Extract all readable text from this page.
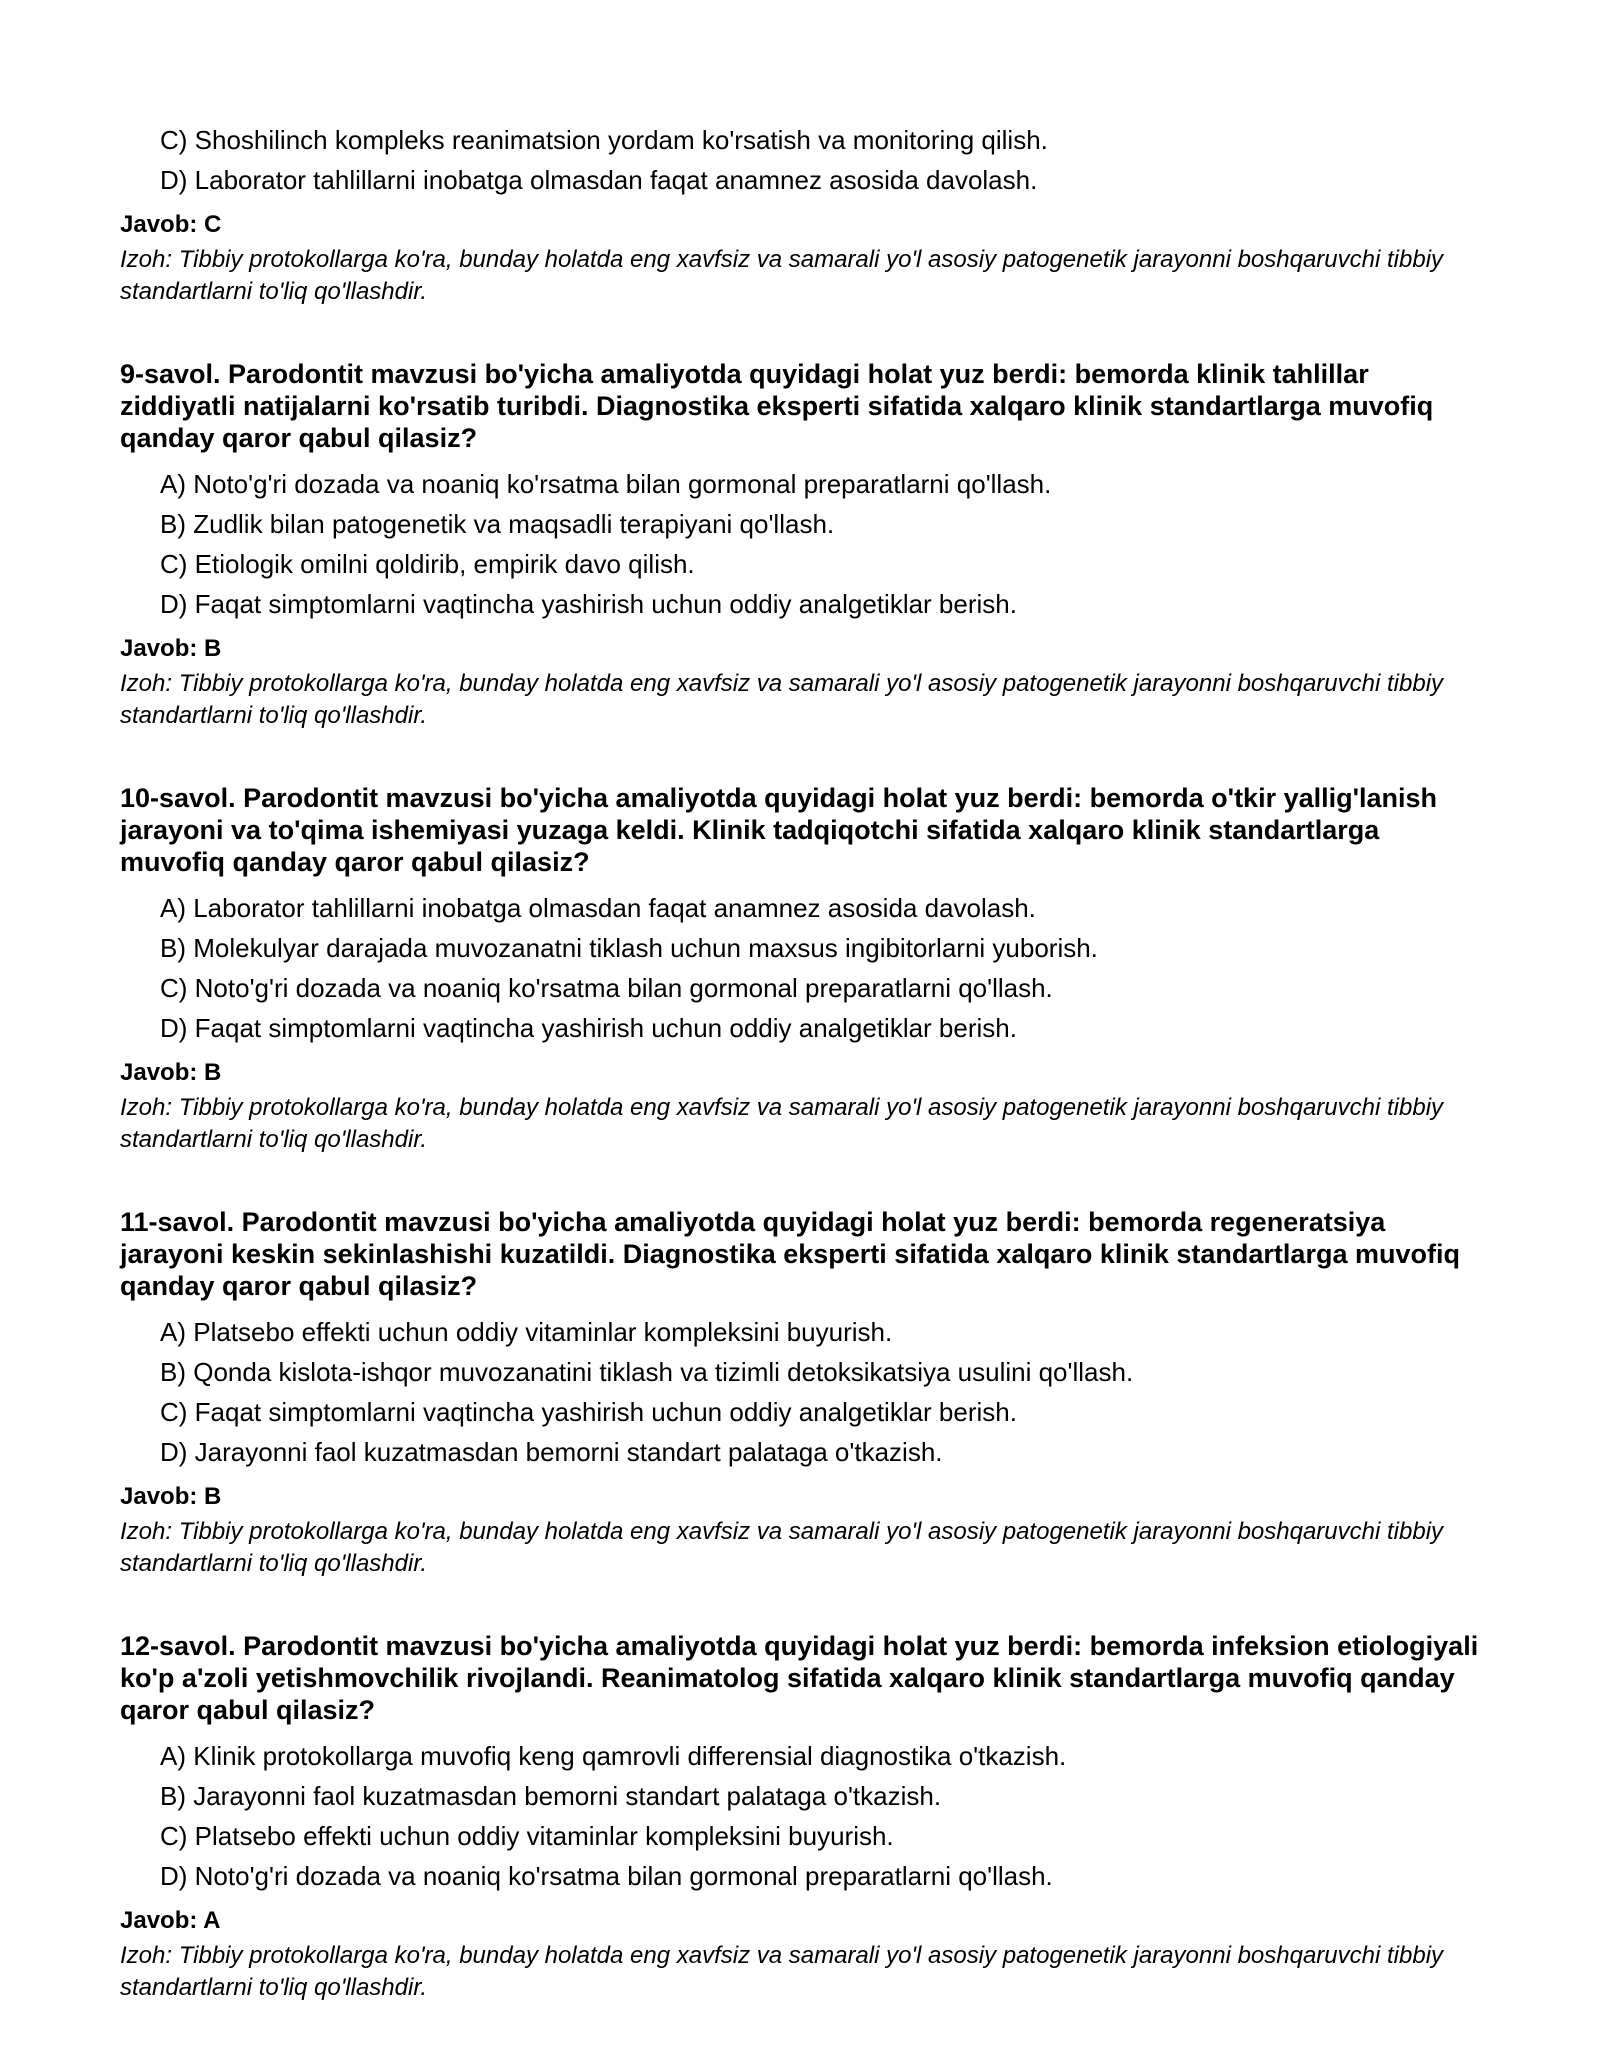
C) Shoshilinch kompleks reanimatsion yordam ko'rsatish va monitoring qilish.
D) Laborator tahlillarni inobatga olmasdan faqat anamnez asosida davolash.
Javob: C
Izoh: Tibbiy protokollarga ko'ra, bunday holatda eng xavfsiz va samarali yo'l asosiy patogenetik jarayonni boshqaruvchi tibbiy standartlarni to'liq qo'llashdir.
9-savol. Parodontit mavzusi bo'yicha amaliyotda quyidagi holat yuz berdi: bemorda klinik tahlillar ziddiyatli natijalarni ko'rsatib turibdi. Diagnostika eksperti sifatida xalqaro klinik standartlarga muvofiq qanday qaror qabul qilasiz?
A) Noto'g'ri dozada va noaniq ko'rsatma bilan gormonal preparatlarni qo'llash.
B) Zudlik bilan patogenetik va maqsadli terapiyani qo'llash.
C) Etiologik omilni qoldirib, empirik davo qilish.
D) Faqat simptomlarni vaqtincha yashirish uchun oddiy analgetiklar berish.
Javob: B
Izoh: Tibbiy protokollarga ko'ra, bunday holatda eng xavfsiz va samarali yo'l asosiy patogenetik jarayonni boshqaruvchi tibbiy standartlarni to'liq qo'llashdir.
10-savol. Parodontit mavzusi bo'yicha amaliyotda quyidagi holat yuz berdi: bemorda o'tkir yallig'lanish jarayoni va to'qima ishemiyasi yuzaga keldi. Klinik tadqiqotchi sifatida xalqaro klinik standartlarga muvofiq qanday qaror qabul qilasiz?
A) Laborator tahlillarni inobatga olmasdan faqat anamnez asosida davolash.
B) Molekulyar darajada muvozanatni tiklash uchun maxsus ingibitorlarni yuborish.
C) Noto'g'ri dozada va noaniq ko'rsatma bilan gormonal preparatlarni qo'llash.
D) Faqat simptomlarni vaqtincha yashirish uchun oddiy analgetiklar berish.
Javob: B
Izoh: Tibbiy protokollarga ko'ra, bunday holatda eng xavfsiz va samarali yo'l asosiy patogenetik jarayonni boshqaruvchi tibbiy standartlarni to'liq qo'llashdir.
11-savol. Parodontit mavzusi bo'yicha amaliyotda quyidagi holat yuz berdi: bemorda regeneratsiya jarayoni keskin sekinlashishi kuzatildi. Diagnostika eksperti sifatida xalqaro klinik standartlarga muvofiq qanday qaror qabul qilasiz?
A) Platsebo effekti uchun oddiy vitaminlar kompleksini buyurish.
B) Qonda kislota-ishqor muvozanatini tiklash va tizimli detoksikatsiya usulini qo'llash.
C) Faqat simptomlarni vaqtincha yashirish uchun oddiy analgetiklar berish.
D) Jarayonni faol kuzatmasdan bemorni standart palataga o'tkazish.
Javob: B
Izoh: Tibbiy protokollarga ko'ra, bunday holatda eng xavfsiz va samarali yo'l asosiy patogenetik jarayonni boshqaruvchi tibbiy standartlarni to'liq qo'llashdir.
12-savol. Parodontit mavzusi bo'yicha amaliyotda quyidagi holat yuz berdi: bemorda infeksion etiologiyali ko'p a'zoli yetishmovchilik rivojlandi. Reanimatolog sifatida xalqaro klinik standartlarga muvofiq qanday qaror qabul qilasiz?
A) Klinik protokollarga muvofiq keng qamrovli differensial diagnostika o'tkazish.
B) Jarayonni faol kuzatmasdan bemorni standart palataga o'tkazish.
C) Platsebo effekti uchun oddiy vitaminlar kompleksini buyurish.
D) Noto'g'ri dozada va noaniq ko'rsatma bilan gormonal preparatlarni qo'llash.
Javob: A
Izoh: Tibbiy protokollarga ko'ra, bunday holatda eng xavfsiz va samarali yo'l asosiy patogenetik jarayonni boshqaruvchi tibbiy standartlarni to'liq qo'llashdir.
